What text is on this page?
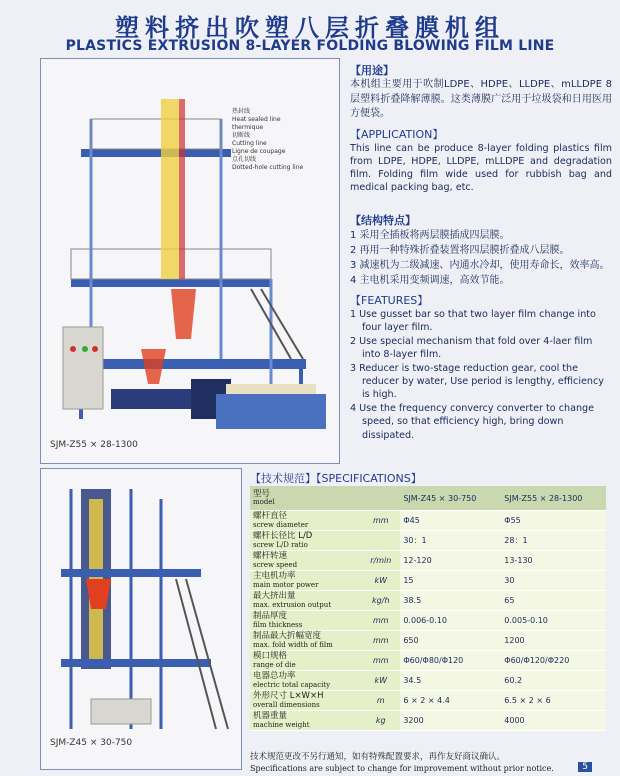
塑料挤出吹塑八层折叠膜机组
PLASTICS EXTRUSION 8-LAYER FOLDING BLOWING FILM LINE
热封线
Heat sealed line
thermique
切断线
Cutting line
Ligne de coupage
点孔切线
Dotted-hole cutting line
SJM-Z55 × 28-1300
SJM-Z45 × 30-750

【用途】

本机组主要用于吹制LDPE、HDPE、LLDPE、mLLDPE 8层塑料折叠降解薄膜。这类薄膜广泛用于垃圾袋和日用医用方便袋。

【APPLICATION】

This line can be produce 8-layer folding plastics film from LDPE, HDPE, LLDPE, mLLDPE and degradation film. Folding film wide used for rubbish bag and medical packing bag, etc.

【结构特点】

1 采用全插板将两层膜插成四层膜。
2 再用一种特殊折叠装置将四层膜折叠成八层膜。
3 减速机为二级减速、内通水冷却，使用寿命长，效率高。
4 主电机采用变频调速，高效节能。

【FEATURES】

1 Use gusset bar so that two layer film change into four layer film.
2 Use special mechanism that fold over 4-laer film into 8-layer film.
3 Reducer is two-stage reduction gear, cool the reducer by water, Use period is lengthy, efficiency is high.
4 Use the frequency convercy converter to change speed, so that efficiency high, bring down dissipated.
【技术规范】【SPECIFICATIONS】
型号
model		SJM-Z45 × 30-750	SJM-Z55 × 28-1300

螺杆直径
screw diameter	mm	Φ45	Φ55

螺杆长径比 L/D
screw L/D ratio		30：1	28：1

螺杆转速
screw speed	r/min	12-120	13-130

主电机功率
main motor power	kW	15	30

最大挤出量
max. extrusion output	kg/h	38.5	65

制品厚度
film thickness	mm	0.006-0.10	0.005-0.10

制品最大折幅宽度
max. fold width of film	mm	650	1200

模口规格
range of die	mm	Φ60/Φ80/Φ120	Φ60/Φ120/Φ220

电器总功率
electric total capacity	kW	34.5	60.2

外形尺寸 L×W×H
overall dimensions	m	6 × 2 × 4.4	6.5 × 2 × 6

机器重量
machine weight	kg	3200	4000
技术规范更改不另行通知，如有特殊配置要求，再作友好商议确认。
Specifications are subject to change for improvement without prior notice.	5
